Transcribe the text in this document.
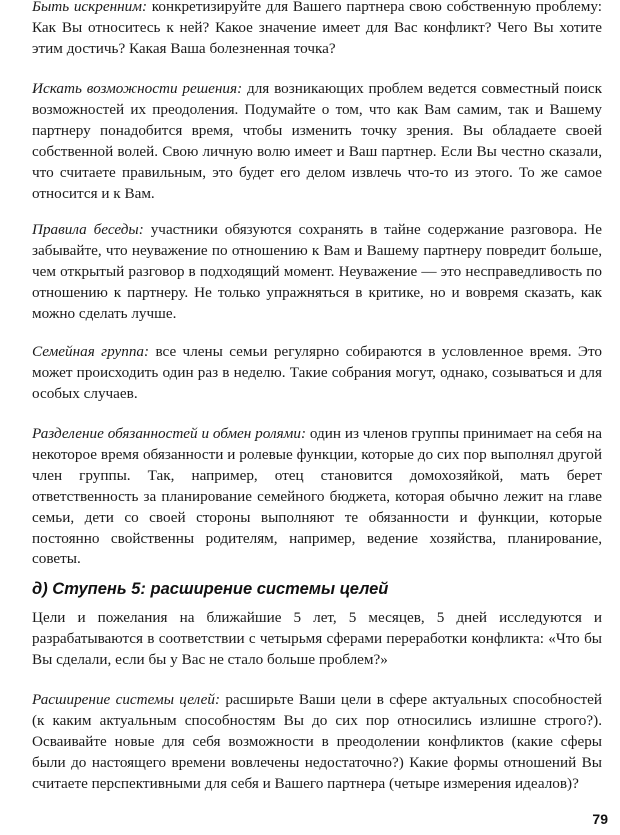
Быть искренним: конкретизируйте для Вашего партнера свою собственную проблему: Как Вы относитесь к ней? Какое значение имеет для Вас конфликт? Чего Вы хотите этим достичь? Какая Ваша болезненная точка?

Искать возможности решения: для возникающих проблем ведется совместный поиск возможностей их преодоления. Подумайте о том, что как Вам самим, так и Вашему партнеру понадобится время, чтобы изменить точку зрения. Вы обладаете своей собственной волей. Свою личную волю имеет и Ваш партнер. Если Вы честно сказали, что считаете правильным, это будет его делом извлечь что-то из этого. То же самое относится и к Вам.

Правила беседы: участники обязуются сохранять в тайне содержание разговора. Не забывайте, что неуважение по отношению к Вам и Вашему партнеру повредит больше, чем открытый разговор в подходящий момент. Неуважение — это несправедливость по отношению к партнеру. Не только упражняться в критике, но и вовремя сказать, как можно сделать лучше.

Семейная группа: все члены семьи регулярно собираются в условленное время. Это может происходить один раз в неделю. Такие собрания могут, однако, созываться и для особых случаев.

Разделение обязанностей и обмен ролями: один из членов группы принимает на себя на некоторое время обязанности и ролевые функции, которые до сих пор выполнял другой член группы. Так, например, отец становится домохозяйкой, мать берет ответственность за планирование семейного бюджета, которая обычно лежит на главе семьи, дети со своей стороны выполняют те обязанности и функции, которые постоянно свойственны родителям, например, ведение хозяйства, планирование, советы.

д) Ступень 5: расширение системы целей

Цели и пожелания на ближайшие 5 лет, 5 месяцев, 5 дней исследуются и разрабатываются в соответствии с четырьмя сферами переработки конфликта: «Что бы Вы сделали, если бы у Вас не стало больше проблем?»

Расширение системы целей: расширьте Ваши цели в сфере актуальных способностей (к каким актуальным способностям Вы до сих пор относились излишне строго?). Осваивайте новые для себя возможности в преодолении конфликтов (какие сферы были до настоящего времени вовлечены недостаточно?) Какие формы отношений Вы считаете перспективными для себя и Вашего партнера (четыре измерения идеалов)?

79
